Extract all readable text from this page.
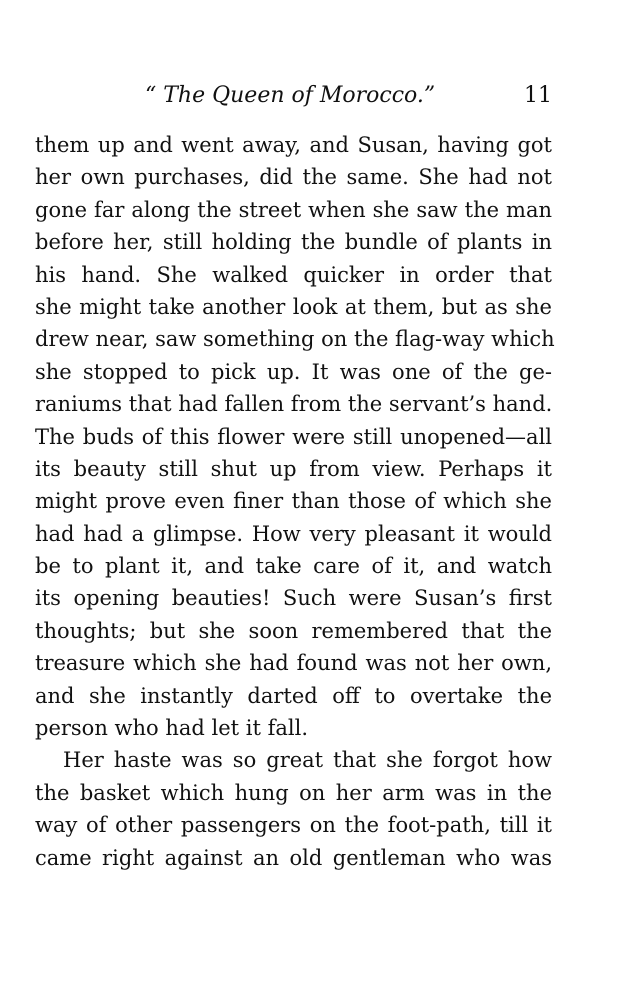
“ The Queen of Morocco.”	11
them up and went away, and Susan, having got
her own purchases, did the same. She had not
gone far along the street when she saw the man
before her, still holding the bundle of plants in
his hand. She walked quicker in order that
she might take another look at them, but as she
drew near, saw something on the flag-way which
she stopped to pick up. It was one of the ge-
raniums that had fallen from the servant’s hand.
The buds of this flower were still unopened—all
its beauty still shut up from view. Perhaps it
might prove even finer than those of which she
had had a glimpse. How very pleasant it would
be to plant it, and take care of it, and watch
its opening beauties! Such were Susan’s first
thoughts; but she soon remembered that the
treasure which she had found was not her own,
and she instantly darted off to overtake the
person who had let it fall.
Her haste was so great that she forgot how
the basket which hung on her arm was in the
way of other passengers on the foot-path, till it
came right against an old gentleman who was
